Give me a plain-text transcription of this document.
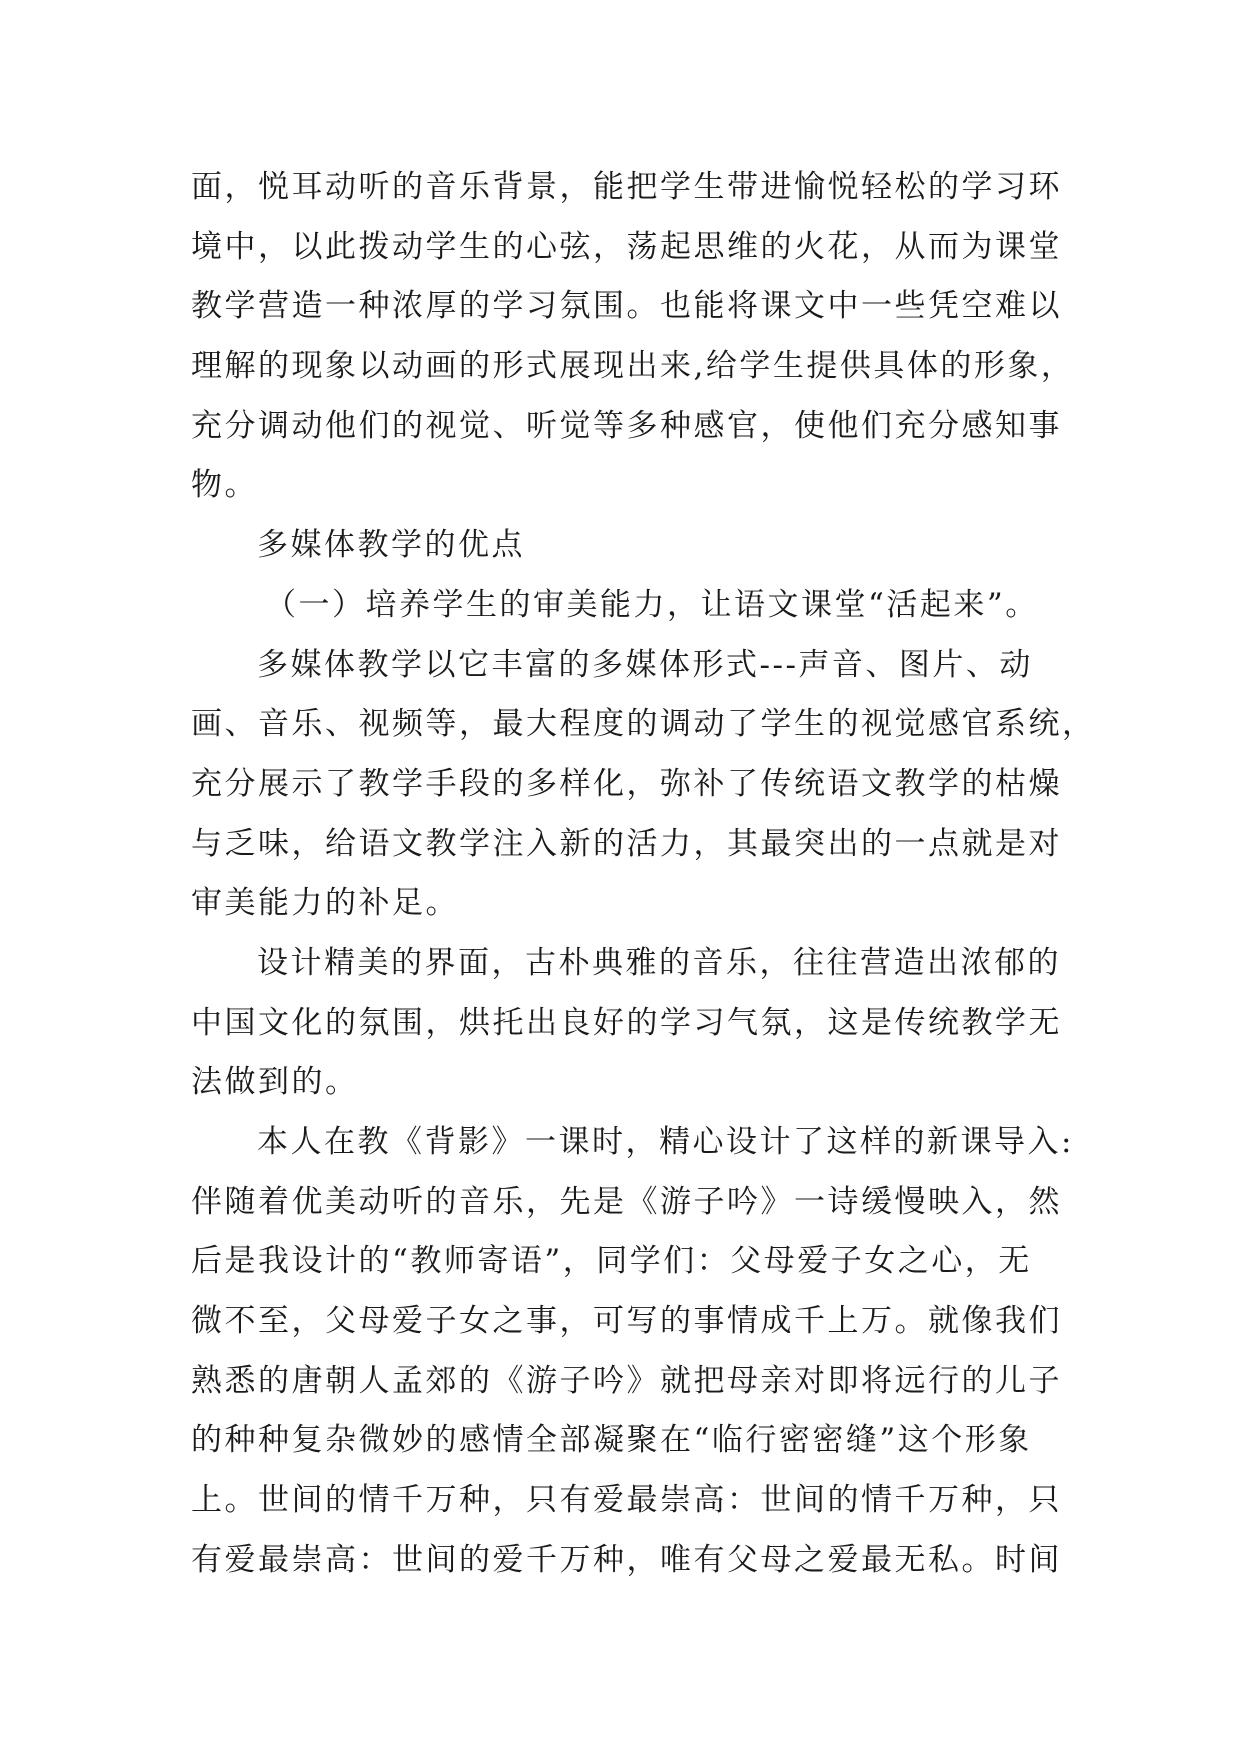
面，悦耳动听的音乐背景，能把学生带进愉悦轻松的学习环
境中，以此拨动学生的心弦，荡起思维的火花，从而为课堂
教学营造一种浓厚的学习氛围。也能将课文中一些凭空难以
理解的现象以动画的形式展现出来,给学生提供具体的形象，
充分调动他们的视觉、听觉等多种感官，使他们充分感知事
物。
多媒体教学的优点
（一）培养学生的审美能力，让语文课堂“活起来”。
多媒体教学以它丰富的多媒体形式---声音、图片、动
画、音乐、视频等，最大程度的调动了学生的视觉感官系统，
充分展示了教学手段的多样化，弥补了传统语文教学的枯燥
与乏味，给语文教学注入新的活力，其最突出的一点就是对
审美能力的补足。
设计精美的界面，古朴典雅的音乐，往往营造出浓郁的
中国文化的氛围，烘托出良好的学习气氛，这是传统教学无
法做到的。
本人在教《背影》一课时，精心设计了这样的新课导入:
伴随着优美动听的音乐，先是《游子吟》一诗缓慢映入，然
后是我设计的“教师寄语”，同学们：父母爱子女之心，无
微不至，父母爱子女之事，可写的事情成千上万。就像我们
熟悉的唐朝人孟郊的《游子吟》就把母亲对即将远行的儿子
的种种复杂微妙的感情全部凝聚在“临行密密缝”这个形象
上。世间的情千万种，只有爱最崇高：世间的情千万种，只
有爱最崇高：世间的爱千万种，唯有父母之爱最无私。时间
